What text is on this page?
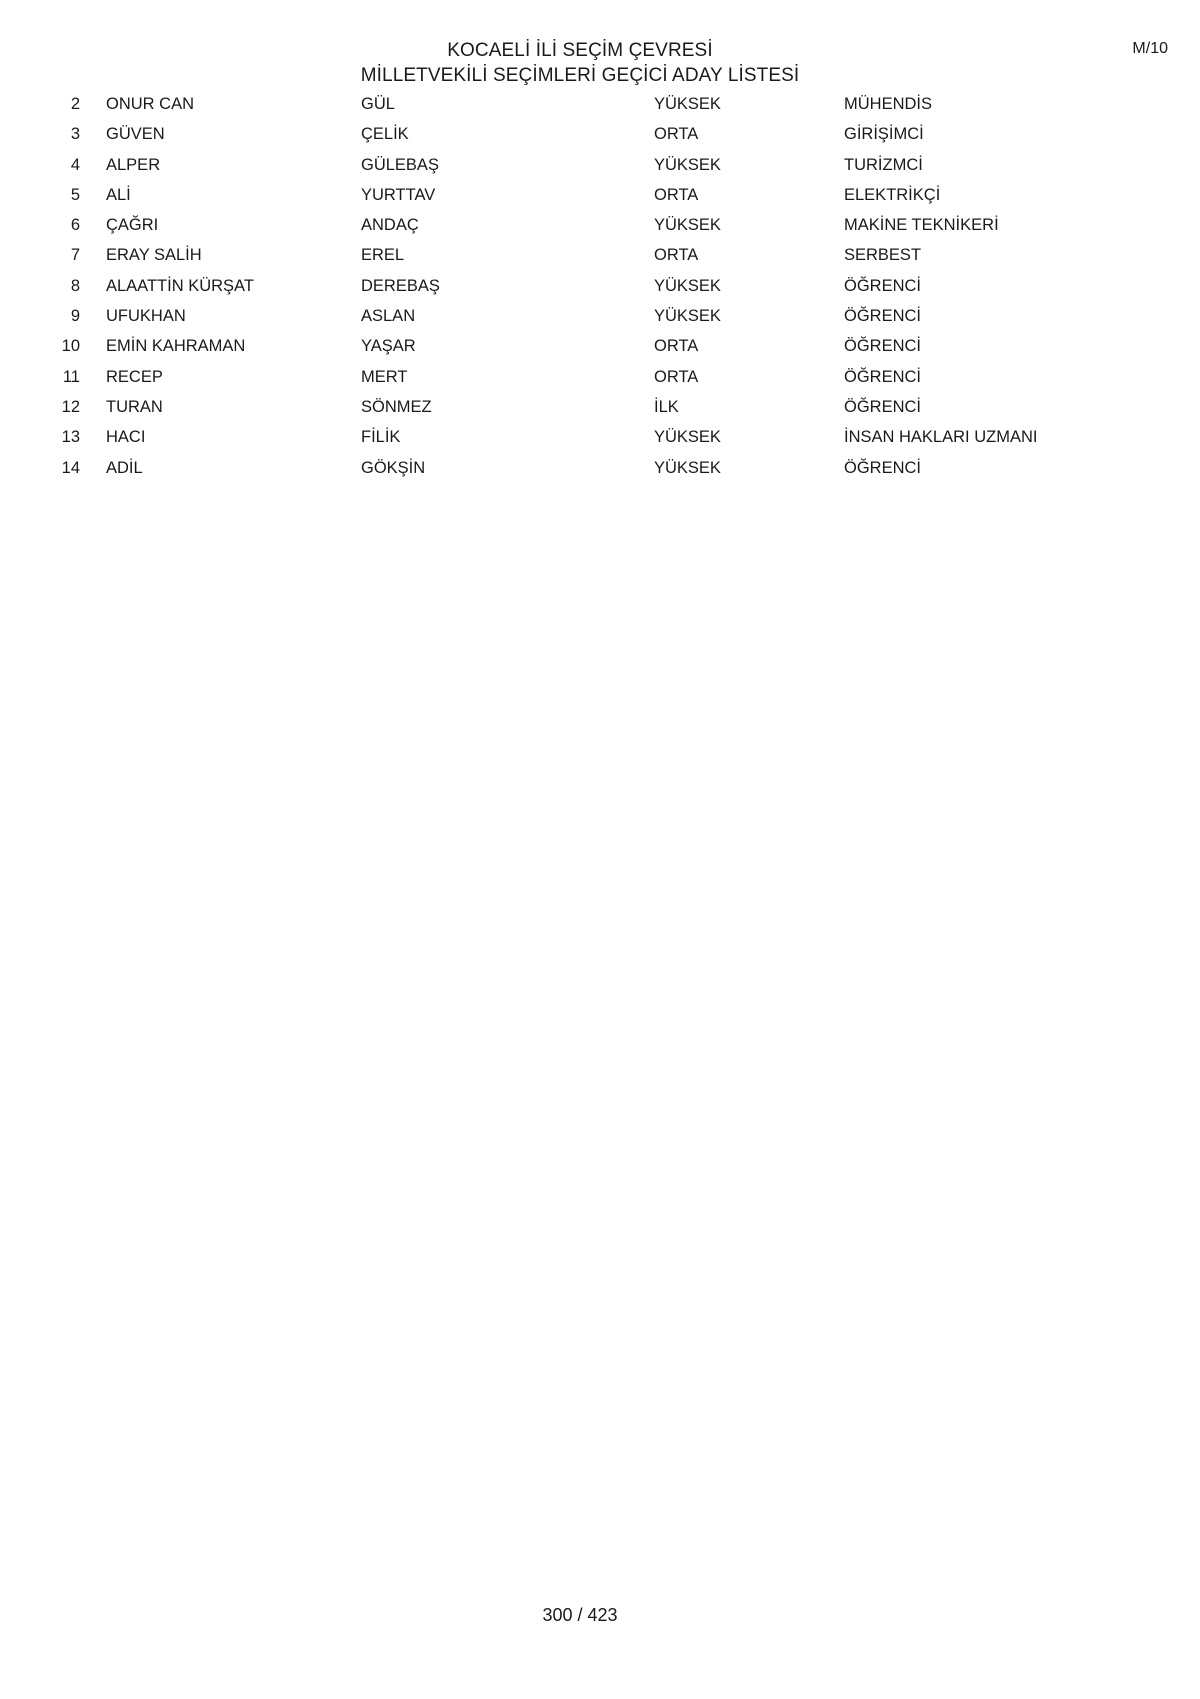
KOCAELİ İLİ SEÇİM ÇEVRESİ
MİLLETVEKİLİ SEÇİMLERİ GEÇİCİ ADAY LİSTESİ
M/10
2 ONUR CAN	GÜL	YÜKSEK	MÜHENDİS
3 GÜVEN	ÇELİK	ORTA	GİRİŞİMCİ
4 ALPER	GÜLEBAŞ	YÜKSEK	TURİZMCİ
5 ALİ	YURTTAV	ORTA	ELEKTRİKÇİ
6 ÇAĞRI	ANDAÇ	YÜKSEK	MAKİNE TEKNİKERİ
7 ERAY SALİH	EREL	ORTA	SERBEST
8 ALAATTİN KÜRŞAT	DEREBAŞ	YÜKSEK	ÖĞRENCİ
9 UFUKHAN	ASLAN	YÜKSEK	ÖĞRENCİ
10 EMİN KAHRAMAN	YAŞAR	ORTA	ÖĞRENCİ
11 RECEP	MERT	ORTA	ÖĞRENCİ
12 TURAN	SÖNMEZ	İLK	ÖĞRENCİ
13 HACI	FİLİK	YÜKSEK	İNSAN HAKLARI UZMANI
14 ADİL	GÖKŞİN	YÜKSEK	ÖĞRENCİ
300 / 423
